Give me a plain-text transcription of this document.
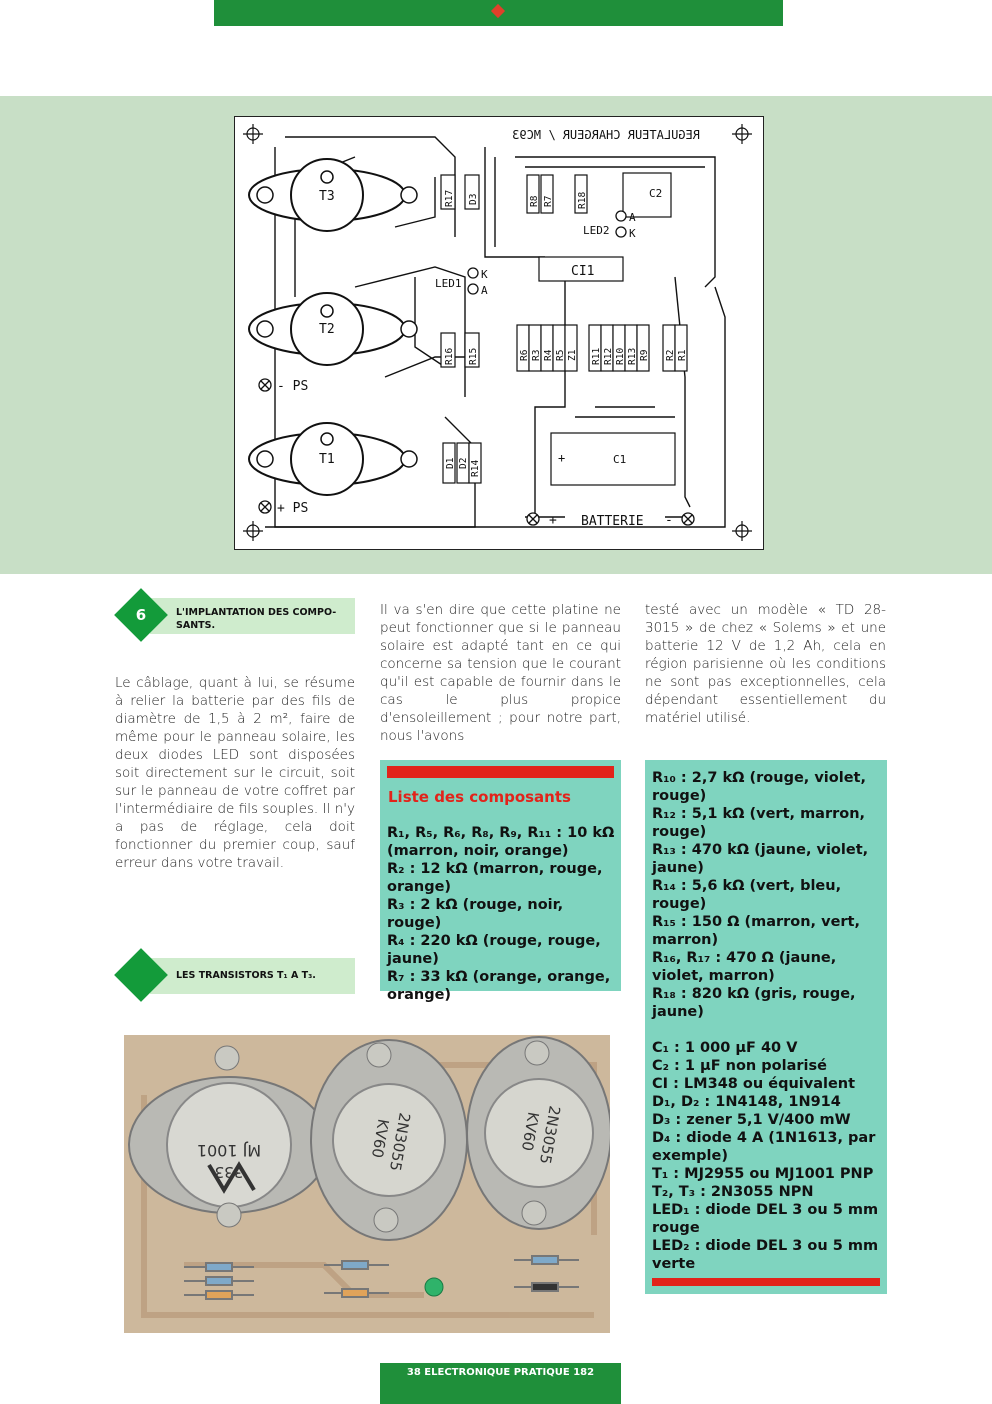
T3
T2
T1
- PS
+ PS
LED1
K
A
LED2
A
K
CI1
C2
C1
BATTERIE
+	-
+
REGULATEUR CHARGEUR / MC93
R17 D3
R16 R15
D1 D2 R14
R8 R7 R18
R6 R3 R4 R5 Z1 R11 R12 R10 R13 R9 R2 R1
6	L'IMPLANTATION DES COMPO- SANTS.
Le câblage, quant à lui, se résume à relier la batterie par des fils de diamètre de 1,5 à 2 m², faire de même pour le panneau solaire, les deux diodes LED sont disposées soit directement sur le circuit, soit sur le panneau de votre coffret par l'intermédiaire de fils souples. Il n'y a pas de réglage, cela doit fonctionner du premier coup, sauf erreur dans votre travail.
Il va s'en dire que cette platine ne peut fonctionner que si le panneau solaire est adapté tant en ce qui concerne sa tension que le courant qu'il est capable de fournir dans le cas le plus propice d'ensoleillement ; pour notre part, nous l'avons
testé avec un modèle « TD 28-3015 » de chez « Solems » et une batterie 12 V de 1,2 Ah, cela en région parisienne où les conditions ne sont pas exceptionnelles, cela dépendant essentiellement du matériel utilisé.
LES TRANSISTORS T₁ A T₃.
Liste des composants
R₁, R₅, R₆, R₈, R₉, R₁₁ : 10 kΩ (marron, noir, orange)
R₂ : 12 kΩ (marron, rouge, orange)
R₃ : 2 kΩ (rouge, noir, rouge)
R₄ : 220 kΩ (rouge, rouge, jaune)
R₇ : 33 kΩ (orange, orange, orange)
R₁₀ : 2,7 kΩ (rouge, violet, rouge)
R₁₂ : 5,1 kΩ (vert, marron, rouge)
R₁₃ : 470 kΩ (jaune, violet, jaune)
R₁₄ : 5,6 kΩ (vert, bleu, rouge)
R₁₅ : 150 Ω (marron, vert, marron)
R₁₆, R₁₇ : 470 Ω (jaune, violet, marron)
R₁₈ : 820 kΩ (gris, rouge, jaune)
C₁ : 1 000 µF 40 V
C₂ : 1 µF non polarisé
CI : LM348 ou équivalent
D₁, D₂ : 1N4148, 1N914
D₃ : zener 5,1 V/400 mW
D₄ : diode 4 A (1N1613, par exemple)
T₁ : MJ2955 ou MJ1001 PNP
T₂, T₃ : 2N3055 NPN
LED₁ : diode DEL 3 ou 5 mm rouge
LED₂ : diode DEL 3 ou 5 mm verte
333
MJ 1001	2N3055
KV60	2N3055
KV60
38 ELECTRONIQUE PRATIQUE 182
